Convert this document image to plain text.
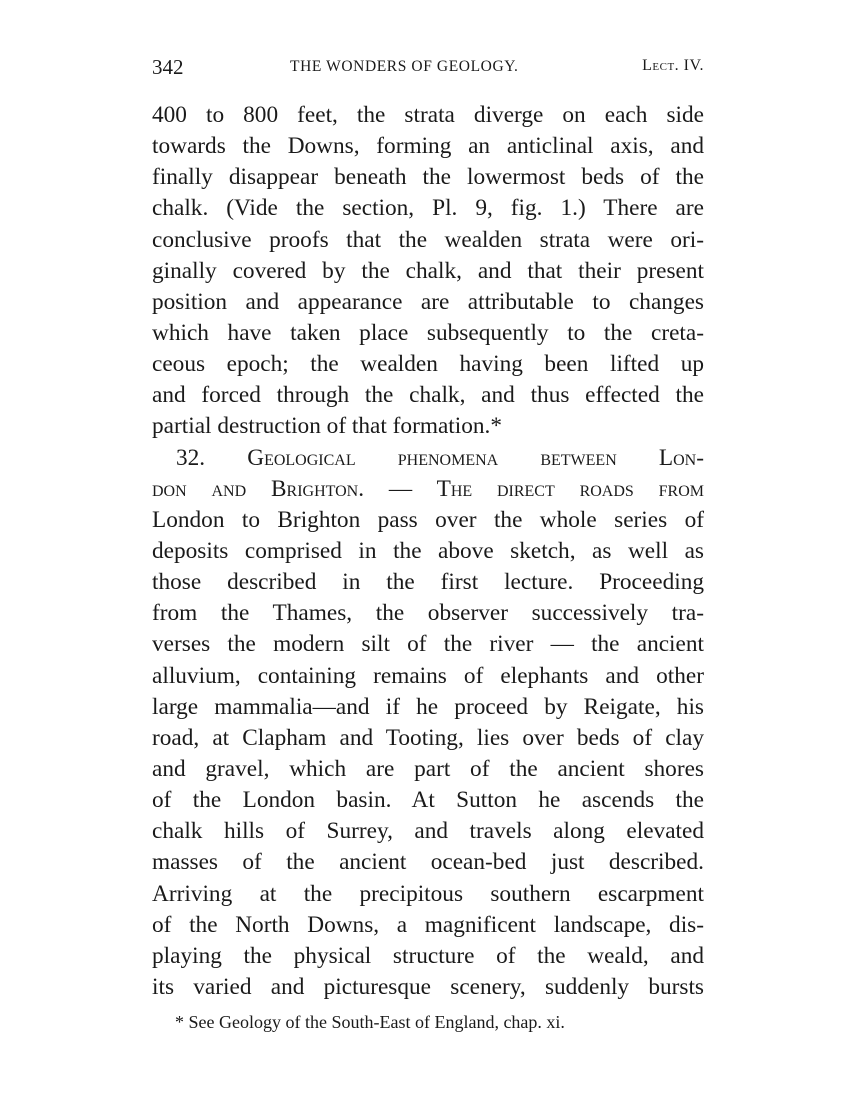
342	THE WONDERS OF GEOLOGY.	Lect. IV.
400 to 800 feet, the strata diverge on each side
towards the Downs, forming an anticlinal axis, and
finally disappear beneath the lowermost beds of the
chalk. (Vide the section, Pl. 9, fig. 1.) There are
conclusive proofs that the wealden strata were ori-
ginally covered by the chalk, and that their present
position and appearance are attributable to changes
which have taken place subsequently to the creta-
ceous epoch; the wealden having been lifted up
and forced through the chalk, and thus effected the
partial destruction of that formation.*
32. Geological phenomena between Lon-
don and Brighton. — The direct roads from
London to Brighton pass over the whole series of
deposits comprised in the above sketch, as well as
those described in the first lecture. Proceeding
from the Thames, the observer successively tra-
verses the modern silt of the river — the ancient
alluvium, containing remains of elephants and other
large mammalia—and if he proceed by Reigate, his
road, at Clapham and Tooting, lies over beds of clay
and gravel, which are part of the ancient shores
of the London basin. At Sutton he ascends the
chalk hills of Surrey, and travels along elevated
masses of the ancient ocean-bed just described.
Arriving at the precipitous southern escarpment
of the North Downs, a magnificent landscape, dis-
playing the physical structure of the weald, and
its varied and picturesque scenery, suddenly bursts
* See Geology of the South-East of England, chap. xi.
